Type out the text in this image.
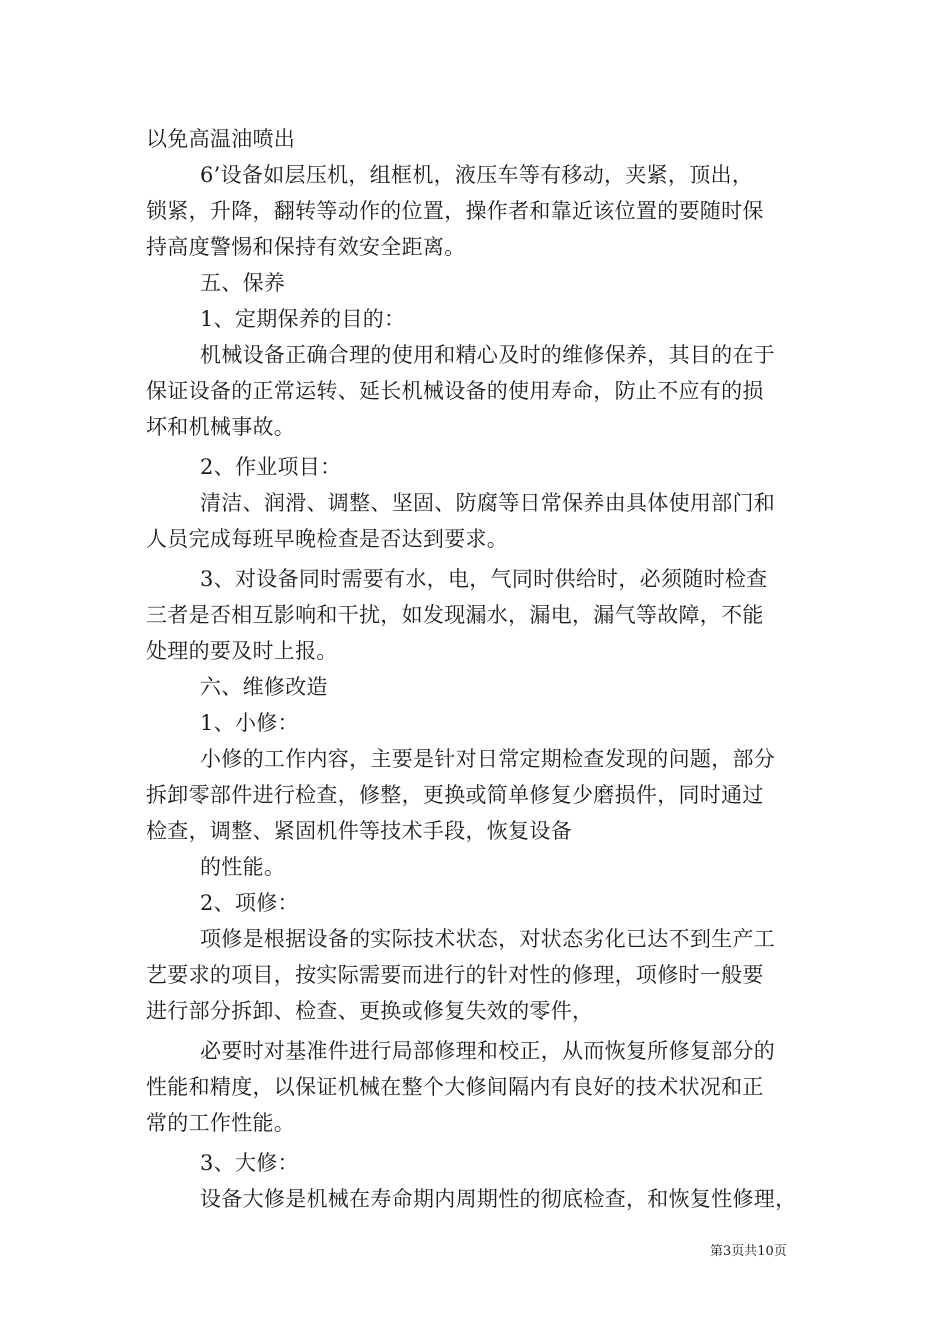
以免高温油喷出
6’设备如层压机，组框机，液压车等有移动，夹紧，顶出，
锁紧，升降，翻转等动作的位置，操作者和靠近该位置的要随时保
持高度警惕和保持有效安全距离。
五、保养
1、定期保养的目的：
机械设备正确合理的使用和精心及时的维修保养，其目的在于
保证设备的正常运转、延长机械设备的使用寿命，防止不应有的损
坏和机械事故。
2、作业项目：
清洁、润滑、调整、坚固、防腐等日常保养由具体使用部门和
人员完成每班早晚检查是否达到要求。
3、对设备同时需要有水，电，气同时供给时，必须随时检查
三者是否相互影响和干扰，如发现漏水，漏电，漏气等故障，不能
处理的要及时上报。
六、维修改造
1、小修：
小修的工作内容，主要是针对日常定期检查发现的问题，部分
拆卸零部件进行检查，修整，更换或简单修复少磨损件，同时通过
检查，调整、紧固机件等技术手段，恢复设备
的性能。
2、项修：
项修是根据设备的实际技术状态，对状态劣化已达不到生产工
艺要求的项目，按实际需要而进行的针对性的修理，项修时一般要
进行部分拆卸、检查、更换或修复失效的零件，
必要时对基准件进行局部修理和校正，从而恢复所修复部分的
性能和精度，以保证机械在整个大修间隔内有良好的技术状况和正
常的工作性能。
3、大修：
设备大修是机械在寿命期内周期性的彻底检查，和恢复性修理，
第3页共10页
